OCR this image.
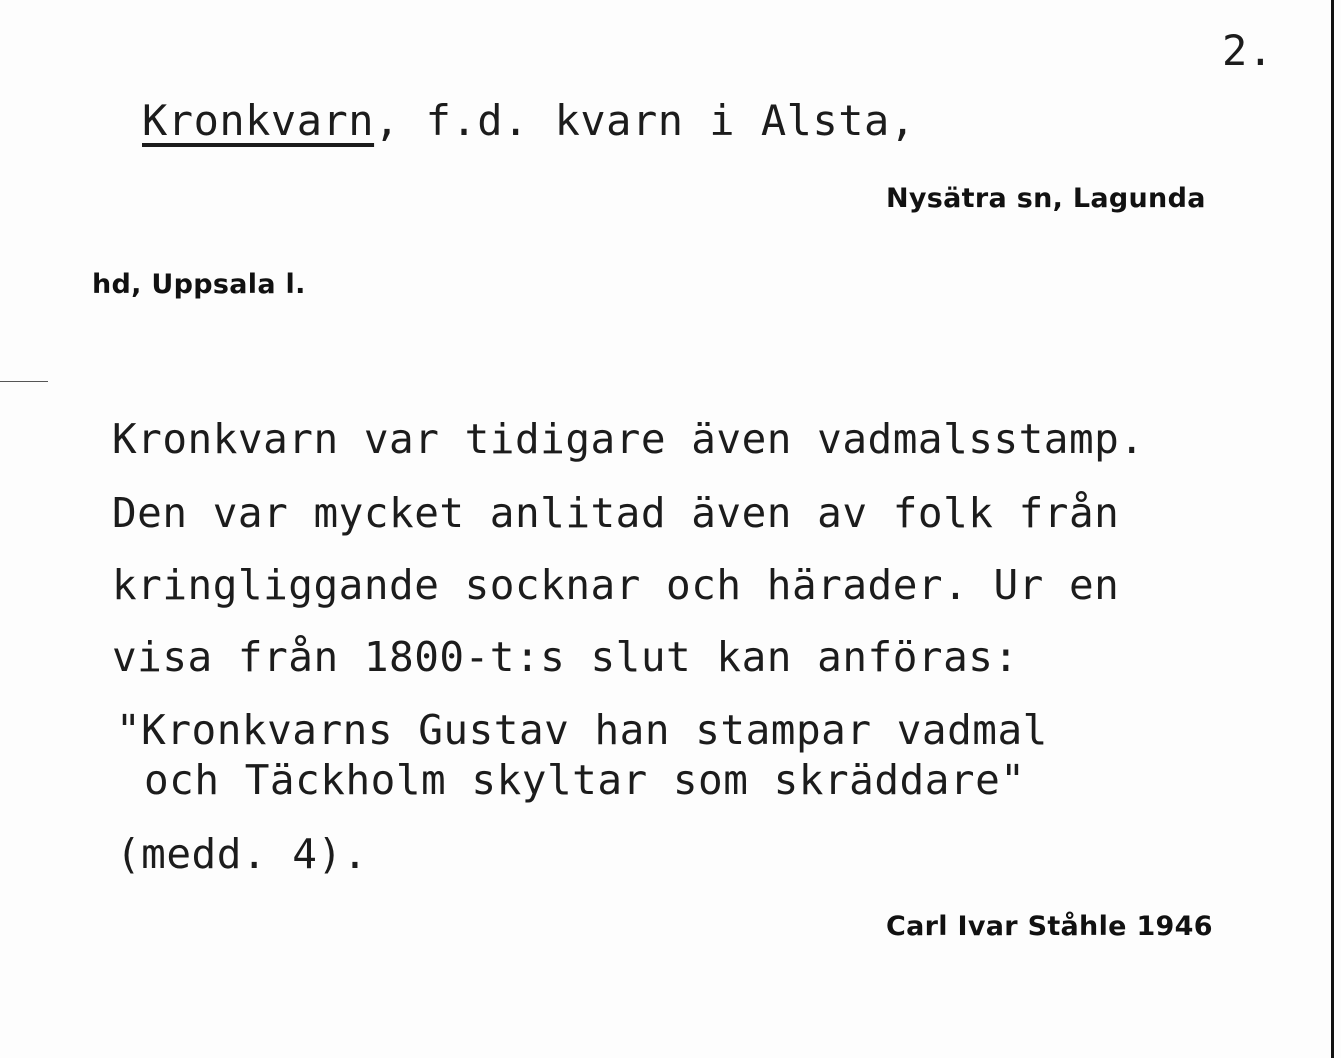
2.
Kronkvarn, f.d. kvarn i Alsta,
Nysätra sn, Lagunda
hd, Uppsala l.
Kronkvarn var tidigare även vadmalsstamp.
Den var mycket anlitad även av folk från
kringliggande socknar och härader. Ur en
visa från 1800-t:s slut kan anföras:
"Kronkvarns Gustav han stampar vadmal
och Täckholm skyltar som skräddare"
(medd. 4).
Carl Ivar Ståhle 1946
